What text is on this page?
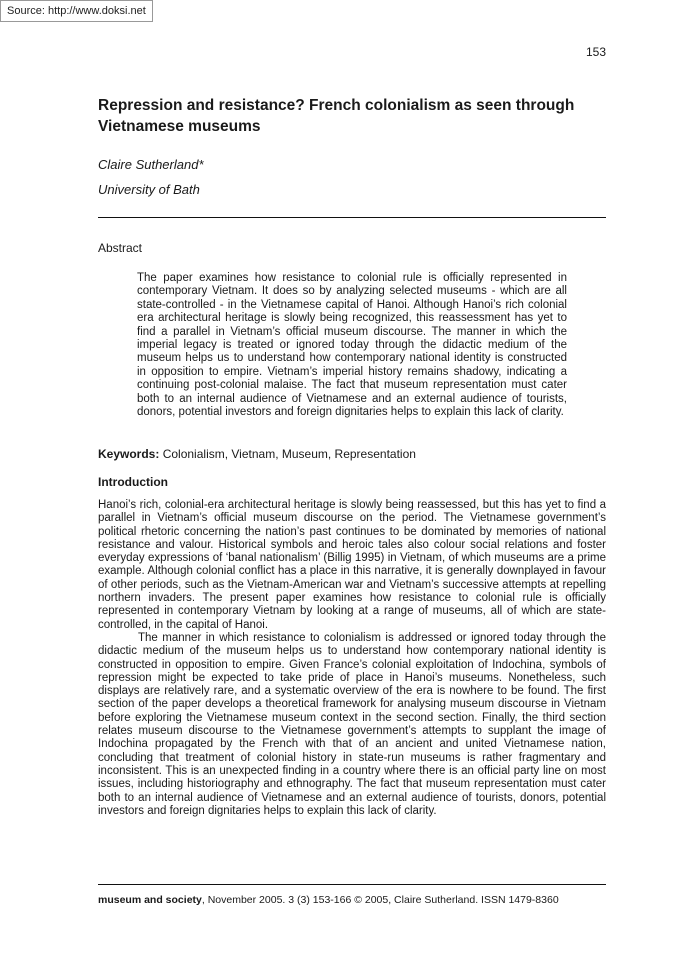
Source: http://www.doksi.net
153
Repression and resistance? French colonialism as seen through Vietnamese museums
Claire Sutherland*
University of Bath
Abstract

The paper examines how resistance to colonial rule is officially represented in contemporary Vietnam. It does so by analyzing selected museums - which are all state-controlled - in the Vietnamese capital of Hanoi. Although Hanoi’s rich colonial era architectural heritage is slowly being recognized, this reassessment has yet to find a parallel in Vietnam’s official museum discourse. The manner in which the imperial legacy is treated or ignored today through the didactic medium of the museum helps us to understand how contemporary national identity is constructed in opposition to empire. Vietnam’s imperial history remains shadowy, indicating a continuing post-colonial malaise. The fact that museum representation must cater both to an internal audience of Vietnamese and an external audience of tourists, donors, potential investors and foreign dignitaries helps to explain this lack of clarity.

Keywords: Colonialism, Vietnam, Museum, Representation
Introduction

Hanoi’s rich, colonial-era architectural heritage is slowly being reassessed, but this has yet to find a parallel in Vietnam’s official museum discourse on the period. The Vietnamese government’s political rhetoric concerning the nation’s past continues to be dominated by memories of national resistance and valour. Historical symbols and heroic tales also colour social relations and foster everyday expressions of ‘banal nationalism’ (Billig 1995) in Vietnam, of which museums are a prime example. Although colonial conflict has a place in this narrative, it is generally downplayed in favour of other periods, such as the Vietnam-American war and Vietnam’s successive attempts at repelling northern invaders. The present paper examines how resistance to colonial rule is officially represented in contemporary Vietnam by looking at a range of museums, all of which are state-controlled, in the capital of Hanoi.

The manner in which resistance to colonialism is addressed or ignored today through the didactic medium of the museum helps us to understand how contemporary national identity is constructed in opposition to empire. Given France’s colonial exploitation of Indochina, symbols of repression might be expected to take pride of place in Hanoi’s museums. Nonetheless, such displays are relatively rare, and a systematic overview of the era is nowhere to be found. The first section of the paper develops a theoretical framework for analysing museum discourse in Vietnam before exploring the Vietnamese museum context in the second section. Finally, the third section relates museum discourse to the Vietnamese government’s attempts to supplant the image of Indochina propagated by the French with that of an ancient and united Vietnamese nation, concluding that treatment of colonial history in state-run museums is rather fragmentary and inconsistent. This is an unexpected finding in a country where there is an official party line on most issues, including historiography and ethnography. The fact that museum representation must cater both to an internal audience of Vietnamese and an external audience of tourists, donors, potential investors and foreign dignitaries helps to explain this lack of clarity.

museum and society, November 2005. 3 (3) 153-166 © 2005, Claire Sutherland. ISSN 1479-8360
